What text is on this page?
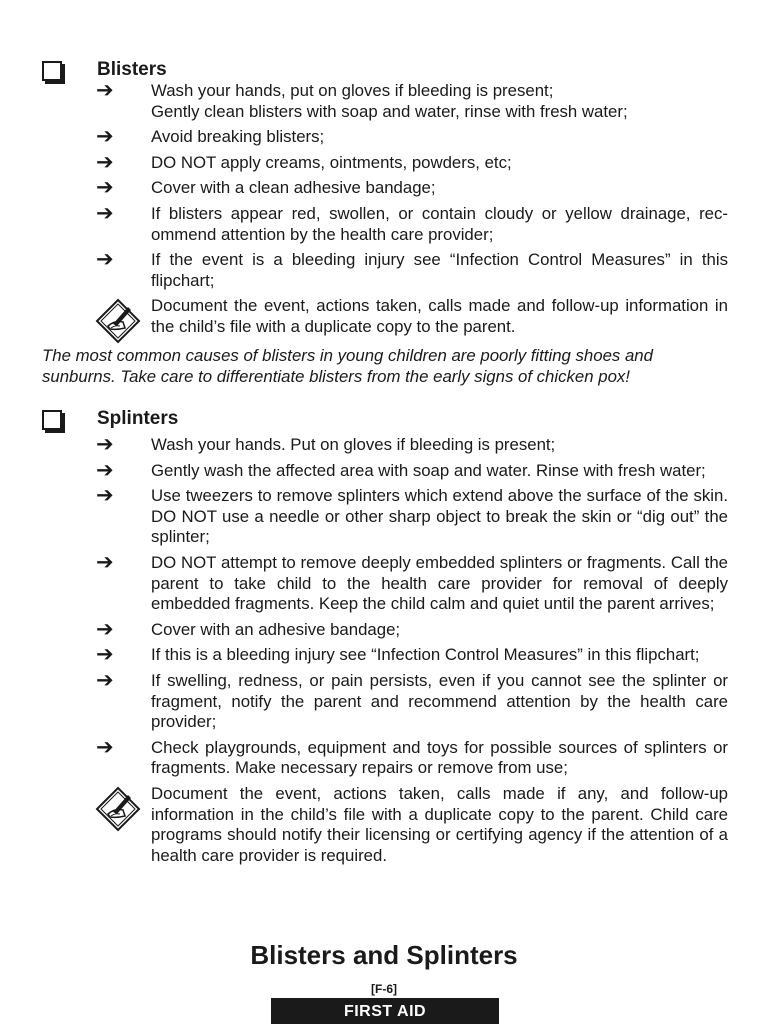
Blisters
➔	Wash your hands, put on gloves if bleeding is present;
Gently clean blisters with soap and water, rinse with fresh water;
➔	Avoid breaking blisters;
➔	DO NOT apply creams, ointments, powders, etc;
➔	Cover with a clean adhesive bandage;
➔	If blisters appear red, swollen, or contain cloudy or yellow drainage, recommend attention by the health care provider;
➔	If the event is a bleeding injury see “Infection Control Measures” in this flipchart;
Document the event, actions taken, calls made and follow-up information in the child’s file with a duplicate copy to the parent.
The most common causes of blisters in young children are poorly fitting shoes and sunburns. Take care to differentiate blisters from the early signs of chicken pox!
Splinters
➔	Wash your hands. Put on gloves if bleeding is present;
➔	Gently wash the affected area with soap and water. Rinse with fresh water;
➔	Use tweezers to remove splinters which extend above the surface of the skin. DO NOT use a needle or other sharp object to break the skin or “dig out” the splinter;
➔	DO NOT attempt to remove deeply embedded splinters or fragments. Call the parent to take child to the health care provider for removal of deeply embedded fragments. Keep the child calm and quiet until the parent arrives;
➔	Cover with an adhesive bandage;
➔	If this is a bleeding injury see “Infection Control Measures” in this flipchart;
➔	If swelling, redness, or pain persists, even if you cannot see the splinter or fragment, notify the parent and recommend attention by the health care provider;
➔	Check playgrounds, equipment and toys for possible sources of splinters or fragments. Make necessary repairs or remove from use;
Document the event, actions taken, calls made if any, and follow-up information in the child’s file with a duplicate copy to the parent. Child care programs should notify their licensing or certifying agency if the attention of a health care provider is required.
Blisters and Splinters
[F-6]
FIRST AID
